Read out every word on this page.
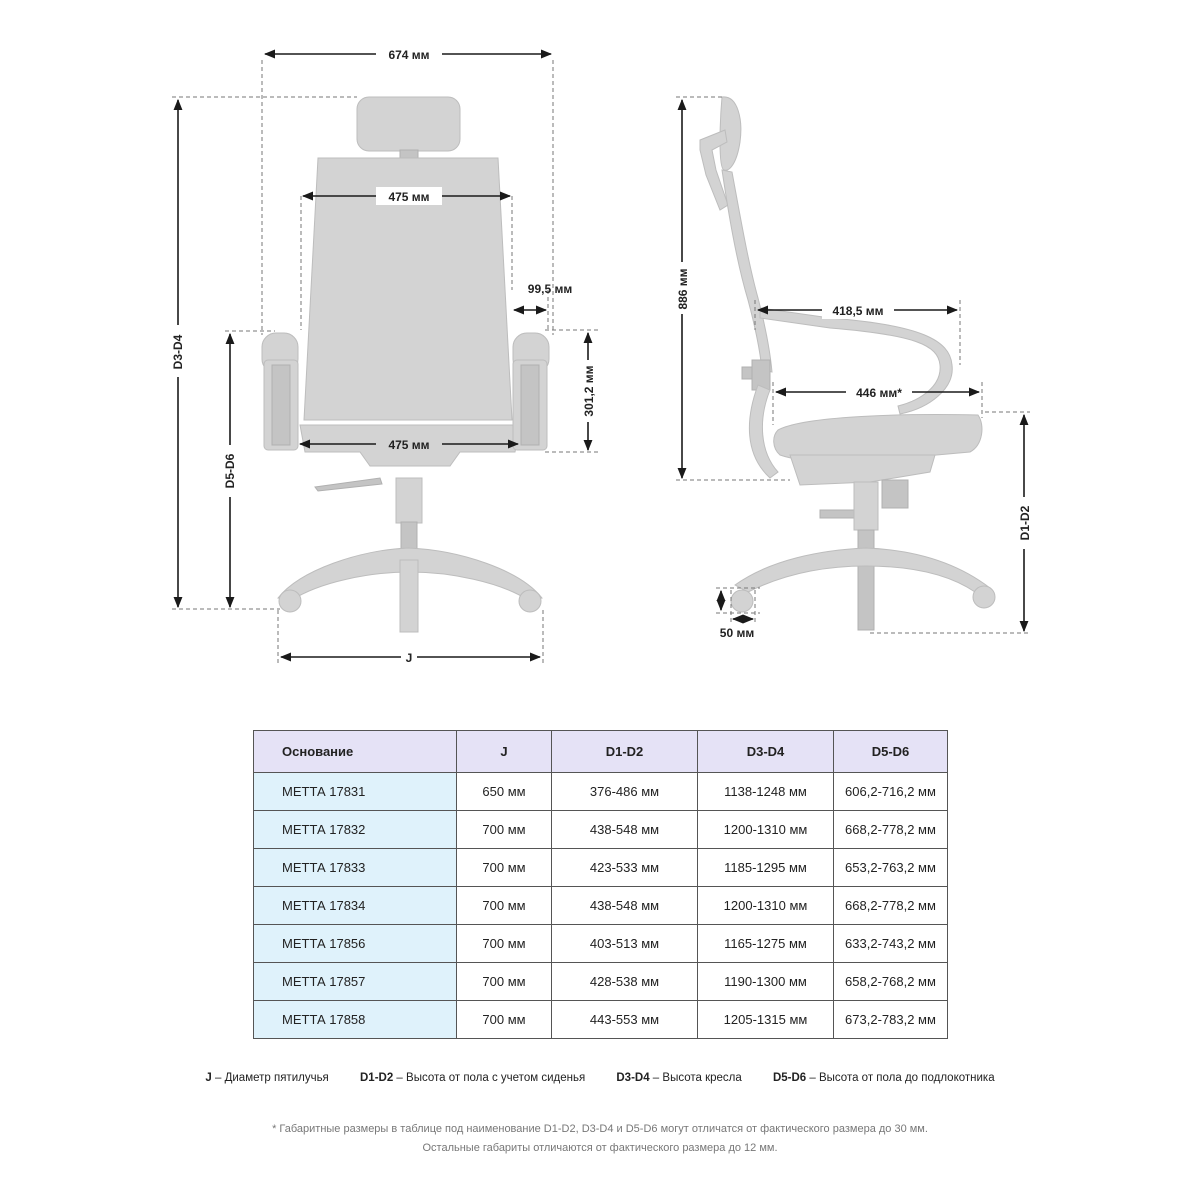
674 мм
475 мм
99,5 мм
301,2 мм
475 мм
D3-D4
D5-D6
J
886 мм
418,5 мм
446 мм*
D1-D2
50 мм
Основание	J	D1-D2	D3-D4	D5-D6
МЕТТА 17831	650 мм	376-486 мм	1138-1248 мм	606,2-716,2 мм
МЕТТА 17832	700 мм	438-548 мм	1200-1310 мм	668,2-778,2 мм
МЕТТА 17833	700 мм	423-533 мм	1185-1295 мм	653,2-763,2 мм
МЕТТА 17834	700 мм	438-548 мм	1200-1310 мм	668,2-778,2 мм
МЕТТА 17856	700 мм	403-513 мм	1165-1275 мм	633,2-743,2 мм
МЕТТА 17857	700 мм	428-538 мм	1190-1300 мм	658,2-768,2 мм
МЕТТА 17858	700 мм	443-553 мм	1205-1315 мм	673,2-783,2 мм
J – Диаметр пятилучья	D1-D2 – Высота от пола с учетом сиденья	D3-D4 – Высота кресла	D5-D6 – Высота от пола до подлокотника
* Габаритные размеры в таблице под наименование D1-D2, D3-D4 и D5-D6 могут отличатся от фактического размера до 30 мм.
Остальные габариты отличаются от фактического размера до 12 мм.
